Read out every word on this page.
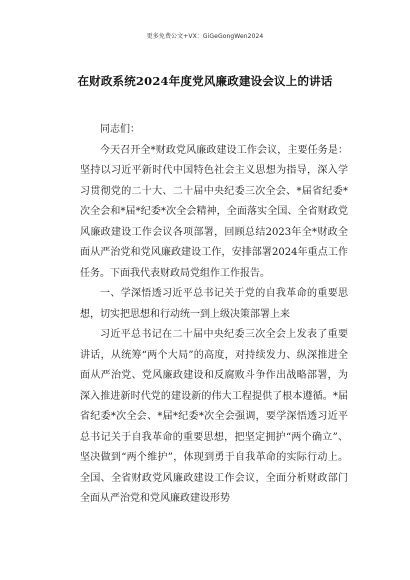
更多免费公文+VX：GiGeGongWen2024
在财政系统2024年度党风廉政建设会议上的讲话

同志们：

今天召开全*财政党风廉政建设工作会议，主要任务是：坚持以习近平新时代中国特色社会主义思想为指导，深入学习贯彻党的二十大、二十届中央纪委三次全会、*届省纪委*次全会和*届*纪委*次全会精神，全面落实全国、全省财政党风廉政建设工作会议各项部署，回顾总结2023年全*财政全面从严治党和党风廉政建设工作，安排部署2024年重点工作任务。下面我代表财政局党组作工作报告。

一、学深悟透习近平总书记关于党的自我革命的重要思想，切实把思想和行动统一到上级决策部署上来

习近平总书记在二十届中央纪委三次全会上发表了重要讲话，从统筹“两个大局”的高度，对持续发力、纵深推进全面从严治党、党风廉政建设和反腐败斗争作出战略部署，为深入推进新时代党的建设新的伟大工程提供了根本遵循。*届省纪委*次全会、*届*纪委*次全会强调，要学深悟透习近平总书记关于自我革命的重要思想，把坚定拥护“两个确立”、坚决做到“两个维护”，体现到勇于自我革命的实际行动上。全国、全省财政党风廉政建设工作会议，全面分析财政部门全面从严治党和党风廉政建设形势
